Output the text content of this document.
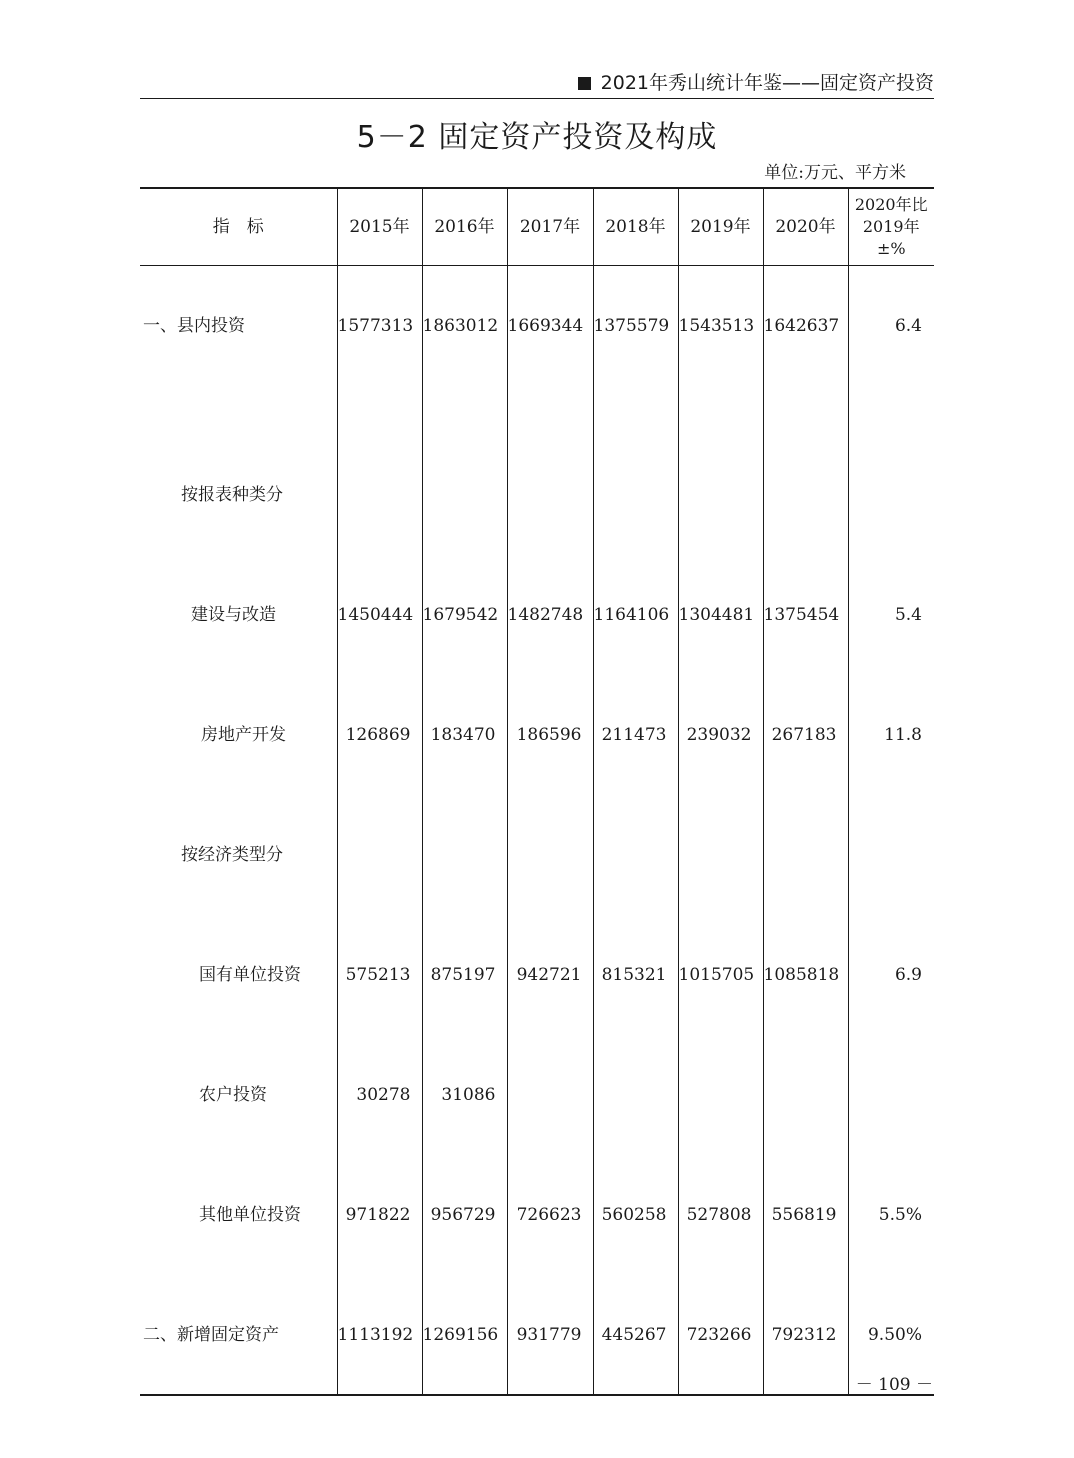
2021年秀山统计年鉴——固定资产投资
5－2 固定资产投资及构成
单位:万元、平方米
指　标	2015年	2016年	2017年	2018年	2019年	2020年	2020年比
2019年
±%

一、县内投资	1577313	1863012	1669344	1375579	1543513	1642637	6.4
按报表种类分							
建设与改造	1450444	1679542	1482748	1164106	1304481	1375454	5.4
房地产开发	126869	183470	186596	211473	239032	267183	11.8
按经济类型分							
国有单位投资	575213	875197	942721	815321	1015705	1085818	6.9
农户投资	30278	31086					
其他单位投资	971822	956729	726623	560258	527808	556819	5.5%
二、新增固定资产	1113192	1269156	931779	445267	723266	792312	9.50%
－ 109 －
